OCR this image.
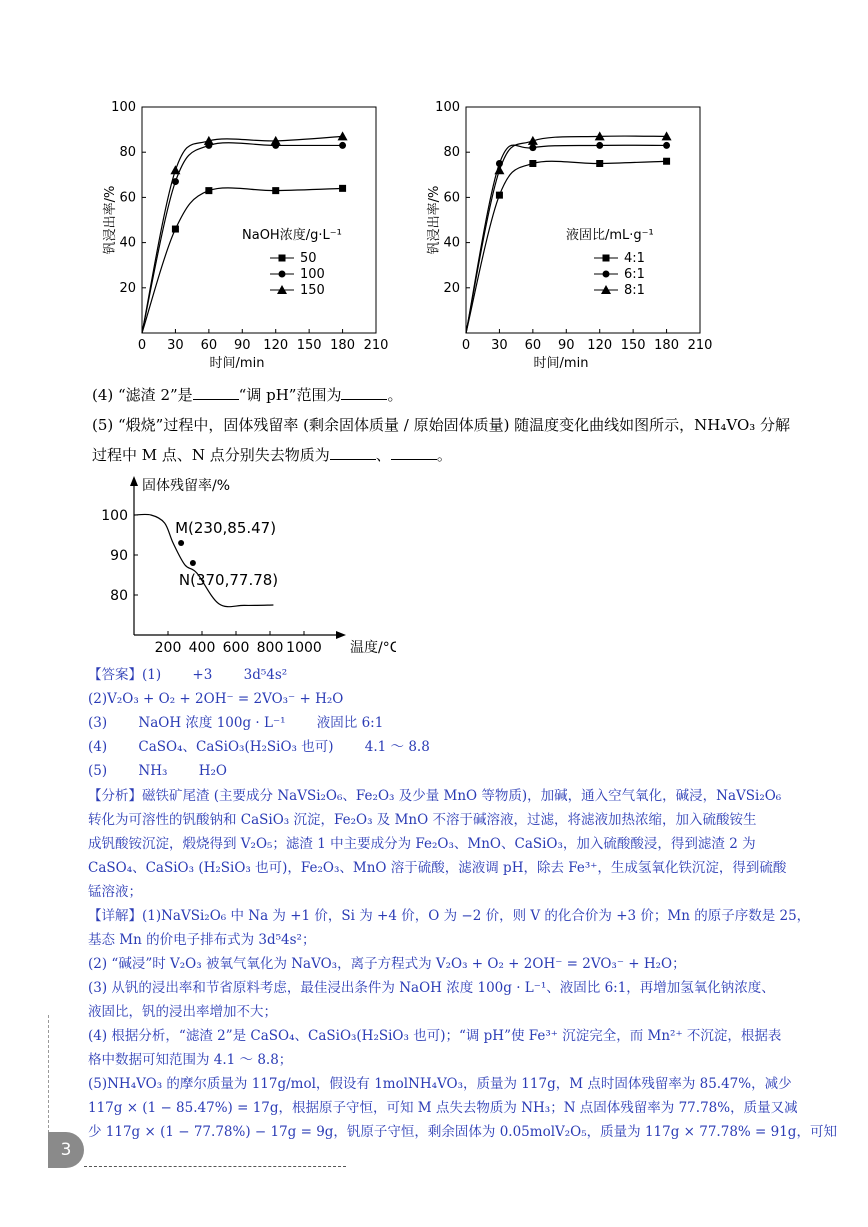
0 30 60 90 120 150 180 210
20
40
60
80
100
时间/min
钒浸出率/%	NaOH浓度/g·L⁻¹
50
100
150
0 30 60 90 120 150 180 210
20
40
60
80
100
时间/min
钒浸出率/%	液固比/mL·g⁻¹
4:1
6:1
8:1
(4) “滤渣 2”是	“调 pH”范围为	。
(5) “煅烧”过程中，固体残留率 (剩余固体质量 / 原始固体质量) 随温度变化曲线如图所示，NH₄VO₃ 分解
过程中 M 点、N 点分别失去物质为	、	。
固体残留率/%
80
90
100
200 400 600 800 1000 温度/°C
M(230,85.47)
N(370,77.78)
【答案】(1)　　 +3　　 3d⁵4s²
(2)V₂O₃ + O₂ + 2OH⁻ = 2VO₃⁻ + H₂O
(3)　　 NaOH 浓度 100g · L⁻¹　　 液固比 6:1
(4)　　 CaSO₄、CaSiO₃(H₂SiO₃ 也可)　　 4.1 ～ 8.8
(5)　　 NH₃　　 H₂O
【分析】磁铁矿尾渣 (主要成分 NaVSi₂O₆、Fe₂O₃ 及少量 MnO 等物质)，加碱，通入空气氧化，碱浸，NaVSi₂O₆
转化为可溶性的钒酸钠和 CaSiO₃ 沉淀，Fe₂O₃ 及 MnO 不溶于碱溶液，过滤，将滤液加热浓缩，加入硫酸铵生
成钒酸铵沉淀，煅烧得到 V₂O₅；滤渣 1 中主要成分为 Fe₂O₃、MnO、CaSiO₃，加入硫酸酸浸，得到滤渣 2 为
CaSO₄、CaSiO₃ (H₂SiO₃ 也可)，Fe₂O₃、MnO 溶于硫酸，滤液调 pH，除去 Fe³⁺，生成氢氧化铁沉淀，得到硫酸
锰溶液；
【详解】(1)NaVSi₂O₆ 中 Na 为 +1 价，Si 为 +4 价，O 为 −2 价，则 V 的化合价为 +3 价；Mn 的原子序数是 25，
基态 Mn 的价电子排布式为 3d⁵4s²；
(2) “碱浸”时 V₂O₃ 被氧气氧化为 NaVO₃，离子方程式为 V₂O₃ + O₂ + 2OH⁻ = 2VO₃⁻ + H₂O；
(3) 从钒的浸出率和节省原料考虑，最佳浸出条件为 NaOH 浓度 100g · L⁻¹、液固比 6:1，再增加氢氧化钠浓度、
液固比，钒的浸出率增加不大；
(4) 根据分析，“滤渣 2”是 CaSO₄、CaSiO₃(H₂SiO₃ 也可)；“调 pH”使 Fe³⁺ 沉淀完全，而 Mn²⁺ 不沉淀，根据表
格中数据可知范围为 4.1 ～ 8.8；
(5)NH₄VO₃ 的摩尔质量为 117g/mol，假设有 1molNH₄VO₃，质量为 117g，M 点时固体残留率为 85.47%，减少
117g × (1 − 85.47%) = 17g，根据原子守恒，可知 M 点失去物质为 NH₃；N 点固体残留率为 77.78%，质量又减
少 117g × (1 − 77.78%) − 17g = 9g，钒原子守恒，剩余固体为 0.05molV₂O₅，质量为 117g × 77.78% = 91g，可知
3
